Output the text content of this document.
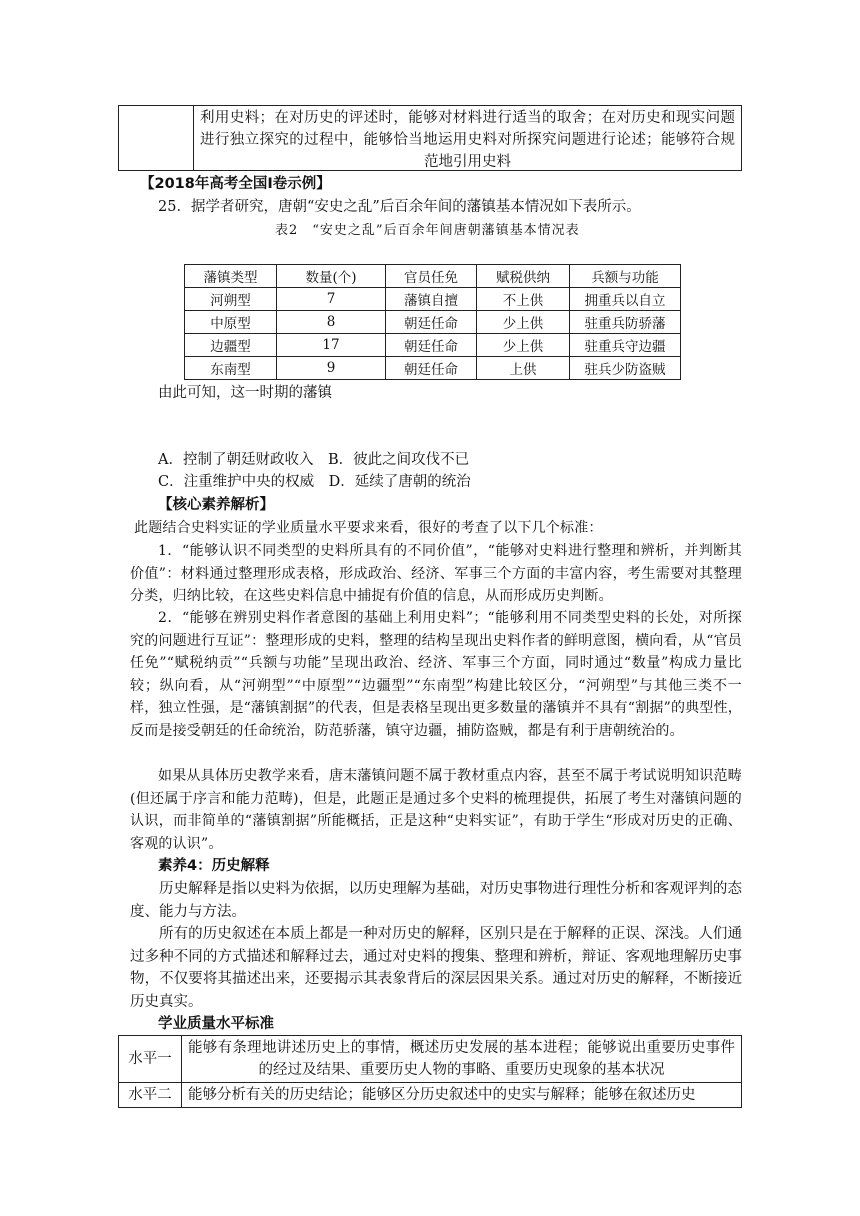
利用史料；在对历史的评述时，能够对材料进行适当的取舍；在对历史和现实问题进行独立探究的过程中，能够恰当地运用史料对所探究问题进行论述；能够符合规范地引用史料
【2018年高考全国Ⅰ卷示例】
25．据学者研究，唐朝“安史之乱”后百余年间的藩镇基本情况如下表所示。
表2　“安史之乱”后百余年间唐朝藩镇基本情况表
藩镇类型	数量(个)	官员任免	赋税供纳	兵额与功能
河朔型	7	藩镇自擅	不上供	拥重兵以自立
中原型	8	朝廷任命	少上供	驻重兵防骄藩
边疆型	17	朝廷任命	少上供	驻重兵守边疆
东南型	9	朝廷任命	上供	驻兵少防盗贼
由此可知，这一时期的藩镇
A．控制了朝廷财政收入　B．彼此之间攻伐不已
C．注重维护中央的权威　D．延续了唐朝的统治
【核心素养解析】
此题结合史料实证的学业质量水平要求来看，很好的考查了以下几个标准：
1．“能够认识不同类型的史料所具有的不同价值”，“能够对史料进行整理和辨析，并判断其价值”：材料通过整理形成表格，形成政治、经济、军事三个方面的丰富内容，考生需要对其整理分类，归纳比较，在这些史料信息中捕捉有价值的信息，从而形成历史判断。
2．“能够在辨别史料作者意图的基础上利用史料”；“能够利用不同类型史料的长处，对所探究的问题进行互证”：整理形成的史料，整理的结构呈现出史料作者的鲜明意图，横向看，从“官员任免”“赋税纳贡”“兵额与功能”呈现出政治、经济、军事三个方面，同时通过“数量”构成力量比较；纵向看，从“河朔型”“中原型”“边疆型”“东南型”构建比较区分，“河朔型”与其他三类不一样，独立性强，是“藩镇割据”的代表，但是表格呈现出更多数量的藩镇并不具有“割据”的典型性，反而是接受朝廷的任命统治，防范骄藩，镇守边疆，捕防盗贼，都是有利于唐朝统治的。
如果从具体历史教学来看，唐末藩镇问题不属于教材重点内容，甚至不属于考试说明知识范畴(但还属于序言和能力范畴)，但是，此题正是通过多个史料的梳理提供，拓展了考生对藩镇问题的认识，而非简单的“藩镇割据”所能概括，正是这种“史料实证”，有助于学生“形成对历史的正确、客观的认识”。
素养4：历史解释
历史解释是指以史料为依据，以历史理解为基础，对历史事物进行理性分析和客观评判的态度、能力与方法。
所有的历史叙述在本质上都是一种对历史的解释，区别只是在于解释的正误、深浅。人们通过多种不同的方式描述和解释过去，通过对史料的搜集、整理和辨析，辩证、客观地理解历史事物，不仅要将其描述出来，还要揭示其表象背后的深层因果关系。通过对历史的解释，不断接近历史真实。
学业质量水平标准
水平一	能够有条理地讲述历史上的事情，概述历史发展的基本进程；能够说出重要历史事件的经过及结果、重要历史人物的事略、重要历史现象的基本状况
水平二	能够分析有关的历史结论；能够区分历史叙述中的史实与解释；能够在叙述历史
